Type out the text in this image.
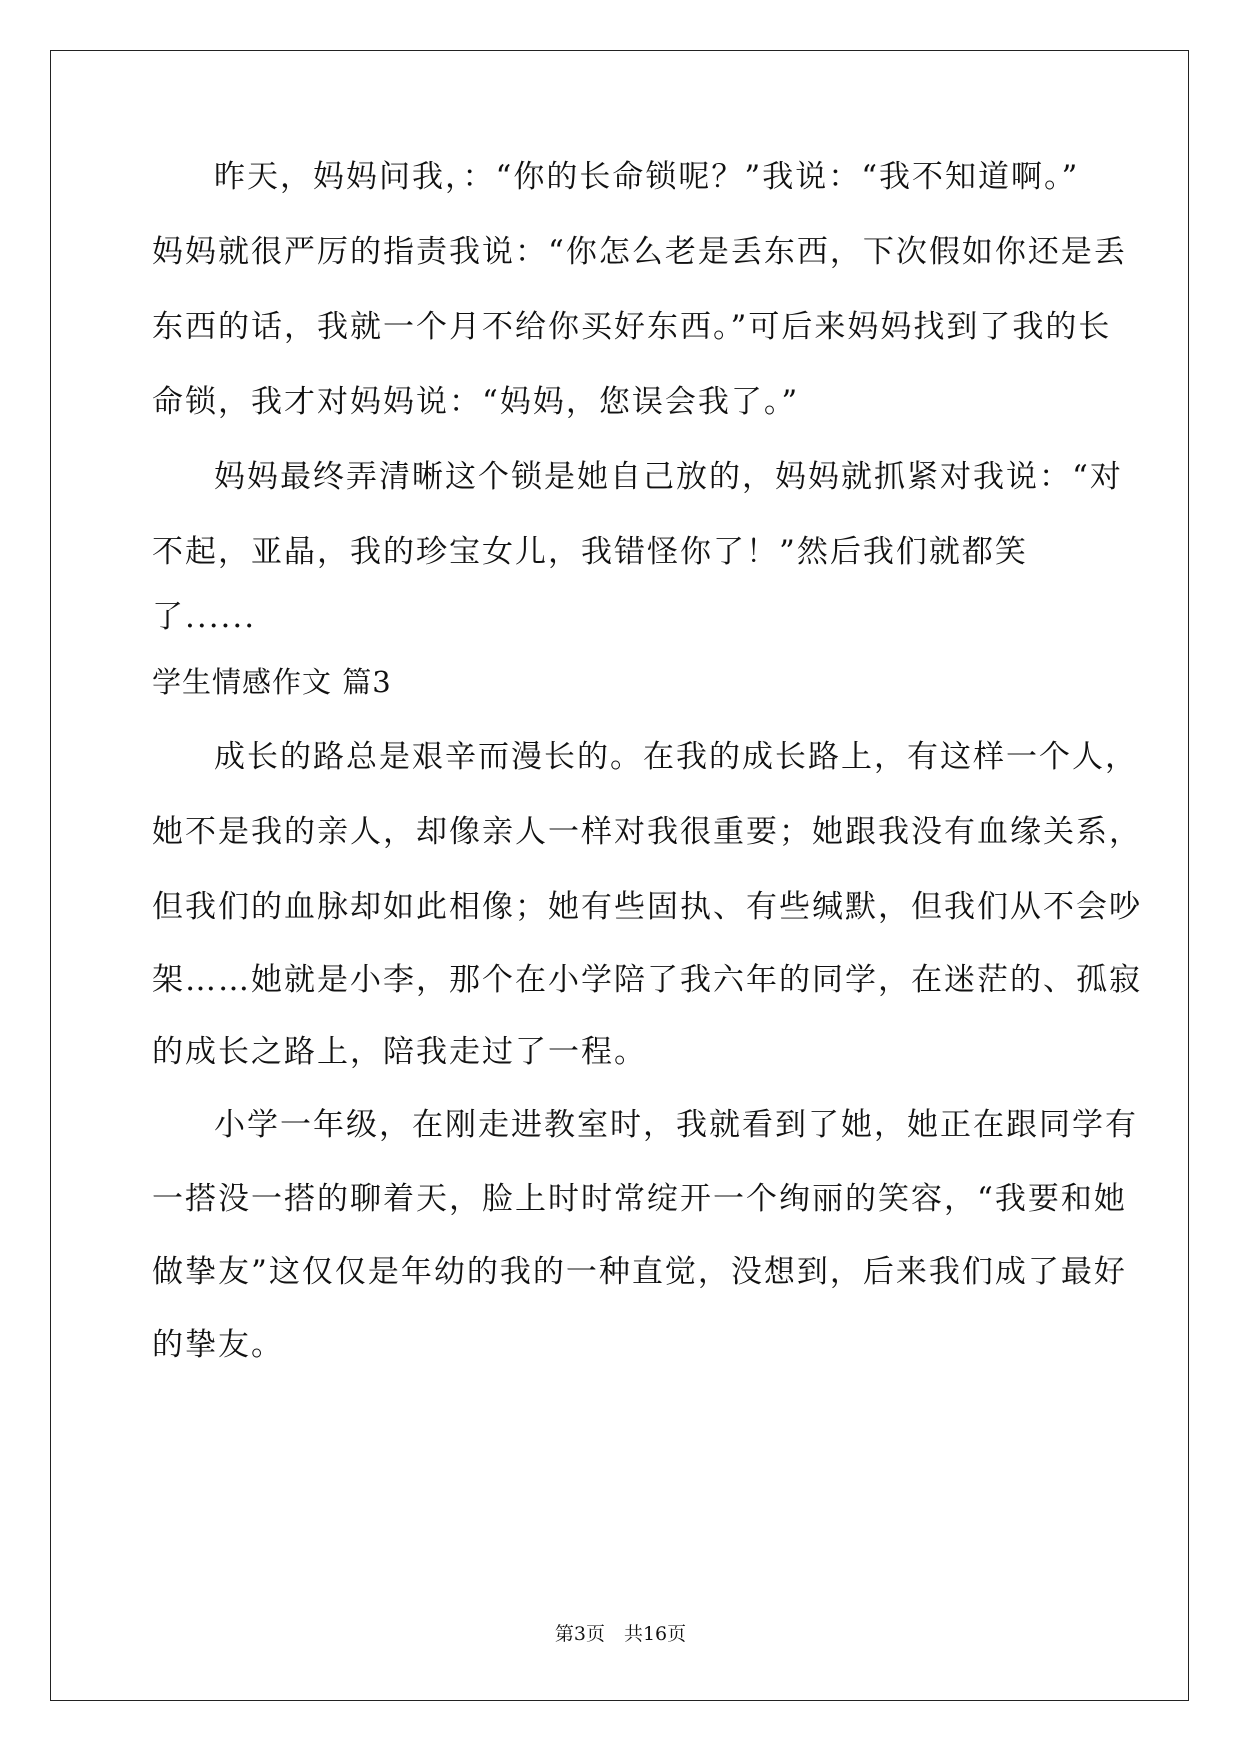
昨天，妈妈问我，：“你的长命锁呢？”我说：“我不知道啊。”
妈妈就很严厉的指责我说：“你怎么老是丢东西，下次假如你还是丢
东西的话，我就一个月不给你买好东西。”可后来妈妈找到了我的长
命锁，我才对妈妈说：“妈妈，您误会我了。”
妈妈最终弄清晰这个锁是她自己放的，妈妈就抓紧对我说：“对
不起，亚晶，我的珍宝女儿，我错怪你了！”然后我们就都笑
了......
学生情感作文 篇3
成长的路总是艰辛而漫长的。在我的成长路上，有这样一个人，
她不是我的亲人，却像亲人一样对我很重要；她跟我没有血缘关系，
但我们的血脉却如此相像；她有些固执、有些缄默，但我们从不会吵
架……她就是小李，那个在小学陪了我六年的同学，在迷茫的、孤寂
的成长之路上，陪我走过了一程。
小学一年级，在刚走进教室时，我就看到了她，她正在跟同学有
一搭没一搭的聊着天，脸上时时常绽开一个绚丽的笑容，“我要和她
做挚友”这仅仅是年幼的我的一种直觉，没想到，后来我们成了最好
的挚友。
第3页　共16页
